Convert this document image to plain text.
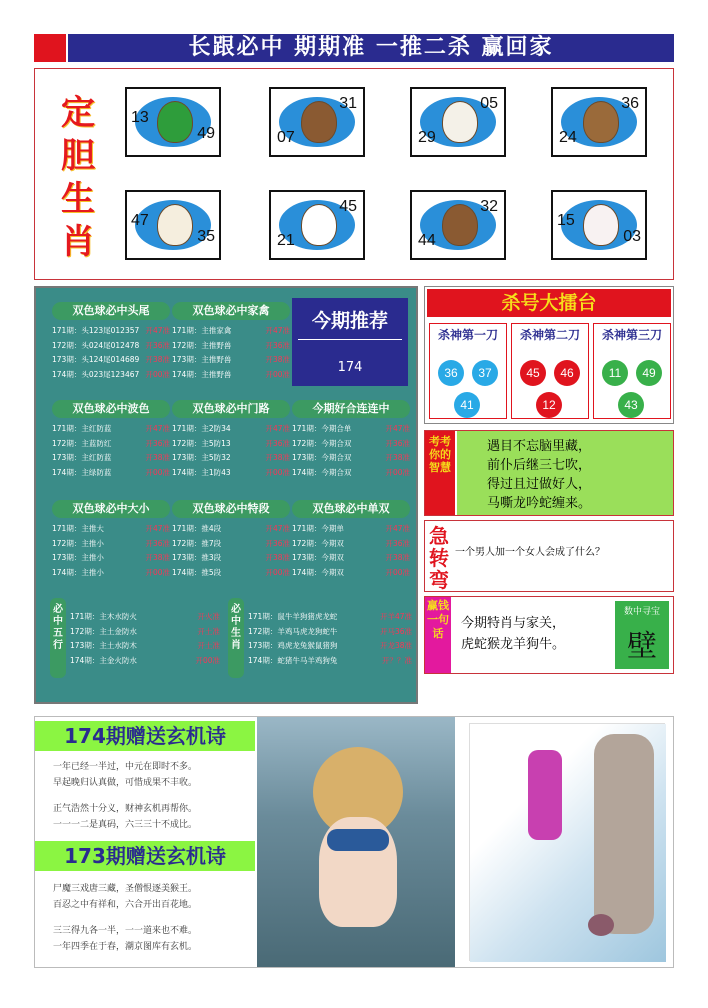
长跟必中 期期准 一推二杀 赢回家
定胆生肖
13
49
31
07
05
29
36
24
47
35
45
21
32
44
15
03
双色球必中头尾
171期：头123尾012357 开47准
172期：头024尾012478 开36准
173期：头124尾014689 开38准
174期：头023尾123467 开00准
双色球必中家禽
171期：主推家禽	开47准
172期：主推野兽	开36准
173期：主推野兽	开38准
174期：主推野兽	开00准
双色球必中波色
171期：主红防蓝	开47准
172期：主蓝防红	开36准
173期：主红防蓝	开38准
174期：主绿防蓝	开00准
双色球必中门路
171期：主2防34	开47准
172期：主5防13	开36准
173期：主5防32	开38准
174期：主1防43	开00准
今期好合连连中
171期：今期合单	开47准
172期：今期合双	开36准
173期：今期合双	开38准
174期：今期合双	开00准
双色球必中大小
171期：主推大	开47准
172期：主推小	开36准
173期：主推小	开38准
174期：主推小	开00准
双色球必中特段
171期：推4段	开47准
172期：推7段	开36准
173期：推3段	开38准
174期：推5段	开00准
双色球必中单双
171期：今期单	开47准
172期：今期双	开36准
173期：今期双	开38准
174期：今期双	开00准
今期推荐
174
必中五行
171期：主木水防火	开火准
172期：主土金防水	开土准
173期：主土水防木	开土准
174期：主金火防水	开00准
必中生肖
171期：鼠牛羊狗猪虎龙蛇	开羊47准
172期：羊鸡马虎龙狗蛇牛	开马36准
173期：鸡虎龙兔猴鼠猪狗	开龙38准
174期：蛇猪牛马羊鸡狗兔	开？？准
杀号大擂台
杀神第一刀
36	37
41
杀神第二刀
45	46
12
杀神第三刀
11	49
43
考考你的智慧
遇目不忘脑里藏，
前仆后继三七吹，
得过且过做好人，
马嘶龙吟蛇缠来。
急转弯
一个男人加一个女人会成了什么？
赢钱一句话
今期特肖与家关，
虎蛇猴龙羊狗牛。
数中寻宝
壁
174期赠送玄机诗
一年已经一半过，中元在即时不多。
早起晚归认真做，可惜成果不丰收。
正气浩然十分义，财神玄机再帮你。
一一一二是真码，六三三十不成比。
173期赠送玄机诗
尸魔三戏唐三藏，圣僧恨逐美猴王。
百忍之中有祥和，六合开出百花地。
三三得九各一半，一一道来也不难。
一年四季在于春，潮京图库有玄机。
